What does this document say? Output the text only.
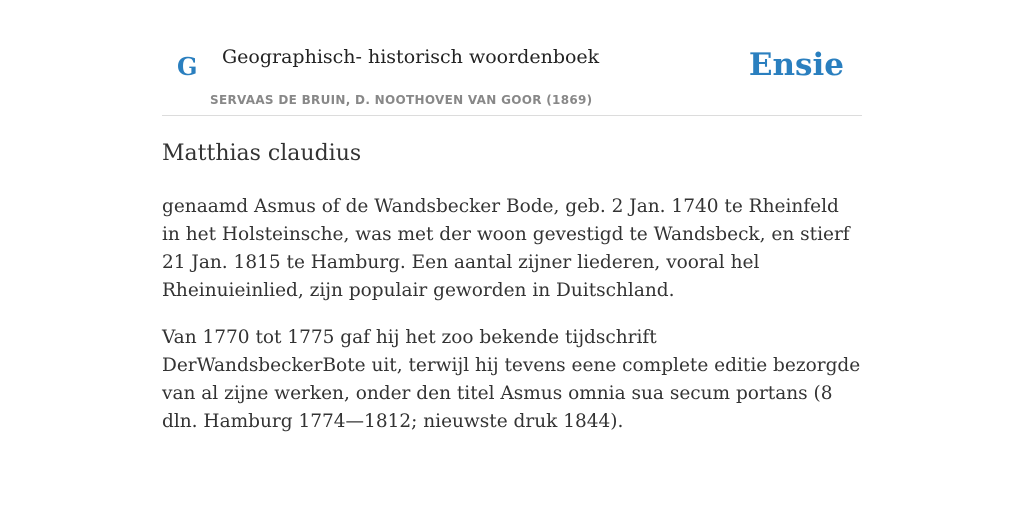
G Geographisch- historisch woordenboek
SERVAAS DE BRUIN, D. NOOTHOVEN VAN GOOR (1869)
Ensie
Matthias claudius

genaamd Asmus of de Wandsbecker Bode, geb. 2 Jan. 1740 te Rheinfeld in het Holsteinsche, was met der woon gevestigd te Wandsbeck, en stierf 21 Jan. 1815 te Hamburg. Een aantal zijner liederen, vooral hel Rheinuieinlied, zijn populair geworden in Duitschland.

Van 1770 tot 1775 gaf hij het zoo bekende tijdschrift DerWandsbeckerBote uit, terwijl hij tevens eene complete editie bezorgde van al zijne werken, onder den titel Asmus omnia sua secum portans (8 dln. Hamburg 1774—1812; nieuwste druk 1844).
